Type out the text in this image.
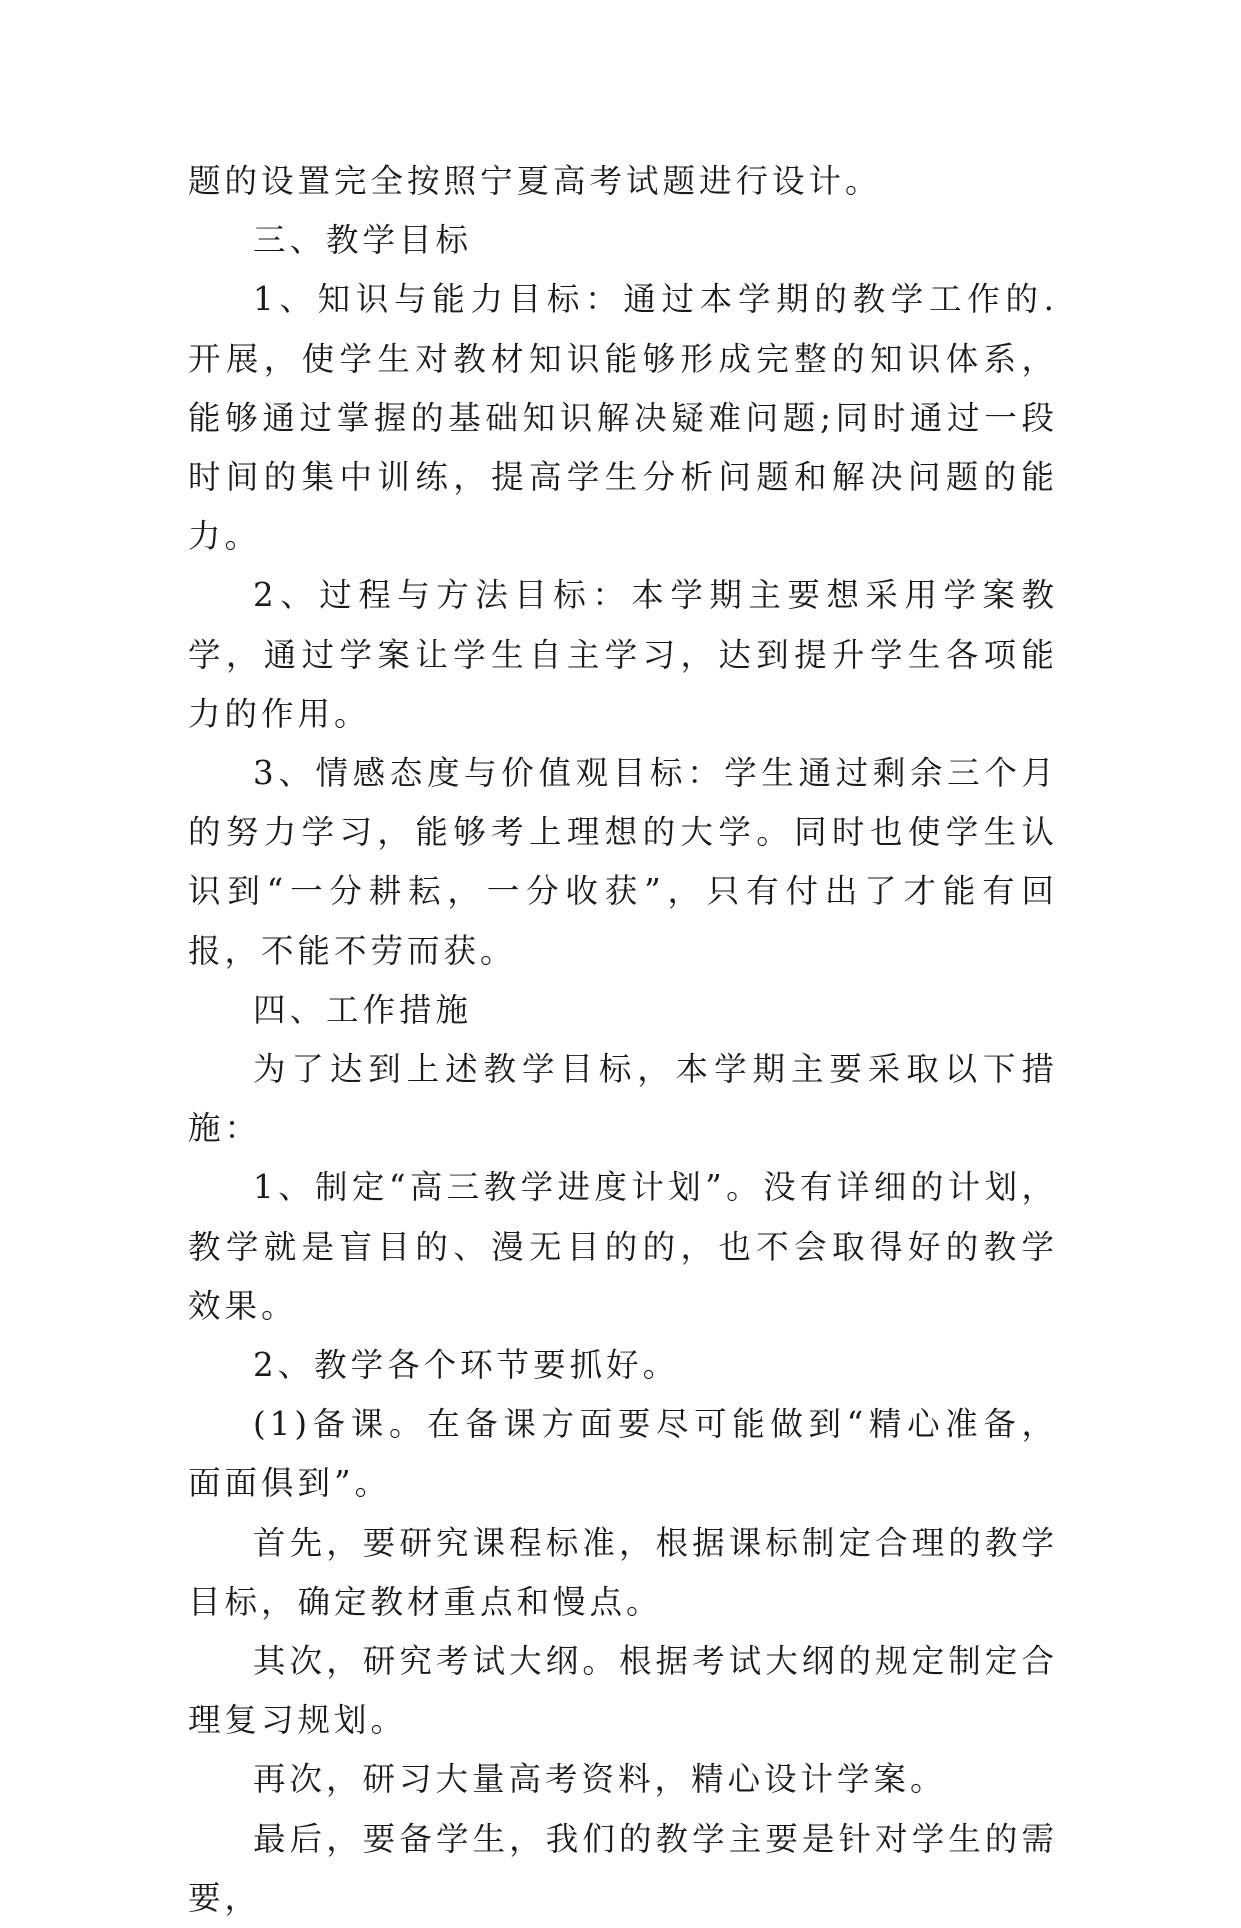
题的设置完全按照宁夏高考试题进行设计。

三、教学目标

1、知识与能力目标：通过本学期的教学工作的.开展，使学生对教材知识能够形成完整的知识体系，能够通过掌握的基础知识解决疑难问题;同时通过一段时间的集中训练，提高学生分析问题和解决问题的能力。

2、过程与方法目标：本学期主要想采用学案教学，通过学案让学生自主学习，达到提升学生各项能力的作用。

3、情感态度与价值观目标：学生通过剩余三个月的努力学习，能够考上理想的大学。同时也使学生认识到“一分耕耘，一分收获”，只有付出了才能有回报，不能不劳而获。

四、工作措施

为了达到上述教学目标，本学期主要采取以下措施：

1、制定“高三教学进度计划”。没有详细的计划，教学就是盲目的、漫无目的的，也不会取得好的教学效果。

2、教学各个环节要抓好。

(1)备课。在备课方面要尽可能做到“精心准备，面面俱到”。

首先，要研究课程标准，根据课标制定合理的教学目标，确定教材重点和慢点。

其次，研究考试大纲。根据考试大纲的规定制定合理复习规划。

再次，研习大量高考资料，精心设计学案。

最后，要备学生，我们的教学主要是针对学生的需要，
